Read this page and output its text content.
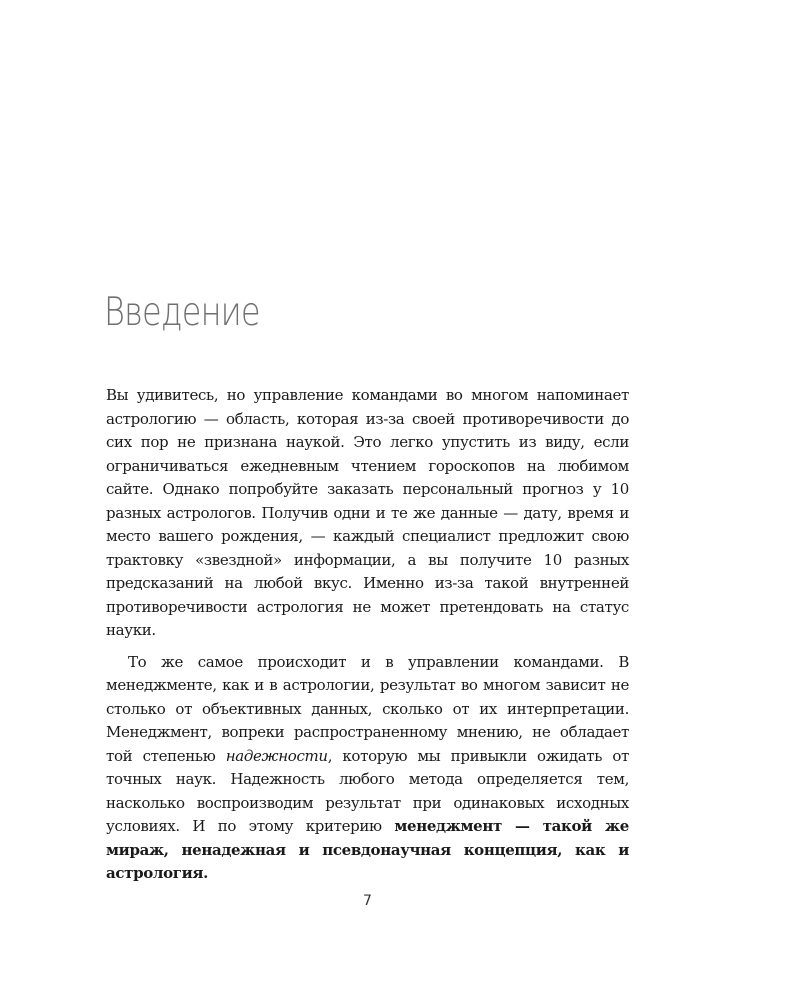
Введение

Вы удивитесь, но управление командами во многом напоминает астрологию — область, которая из-за своей противоречивости до сих пор не признана наукой. Это легко упустить из виду, если ограничиваться ежедневным чтением гороскопов на любимом сайте. Однако попробуйте заказать персональный прогноз у 10 разных астрологов. Получив одни и те же данные — дату, время и место вашего рождения, — каждый специалист предложит свою трактовку «звездной» информации, а вы получите 10 разных предсказаний на любой вкус. Именно из-за такой внутренней противоречивости астрология не может претендовать на статус науки.

То же самое происходит и в управлении командами. В менеджменте, как и в астрологии, результат во многом зависит не столько от объективных данных, сколько от их интерпретации. Менеджмент, вопреки распространенному мнению, не обладает той степенью надежности, которую мы привыкли ожидать от точных наук. Надежность любого метода определяется тем, насколько воспроизводим результат при одинаковых исходных условиях. И по этому критерию менеджмент — такой же мираж, ненадежная и псевдонаучная концепция, как и астрология.

7
